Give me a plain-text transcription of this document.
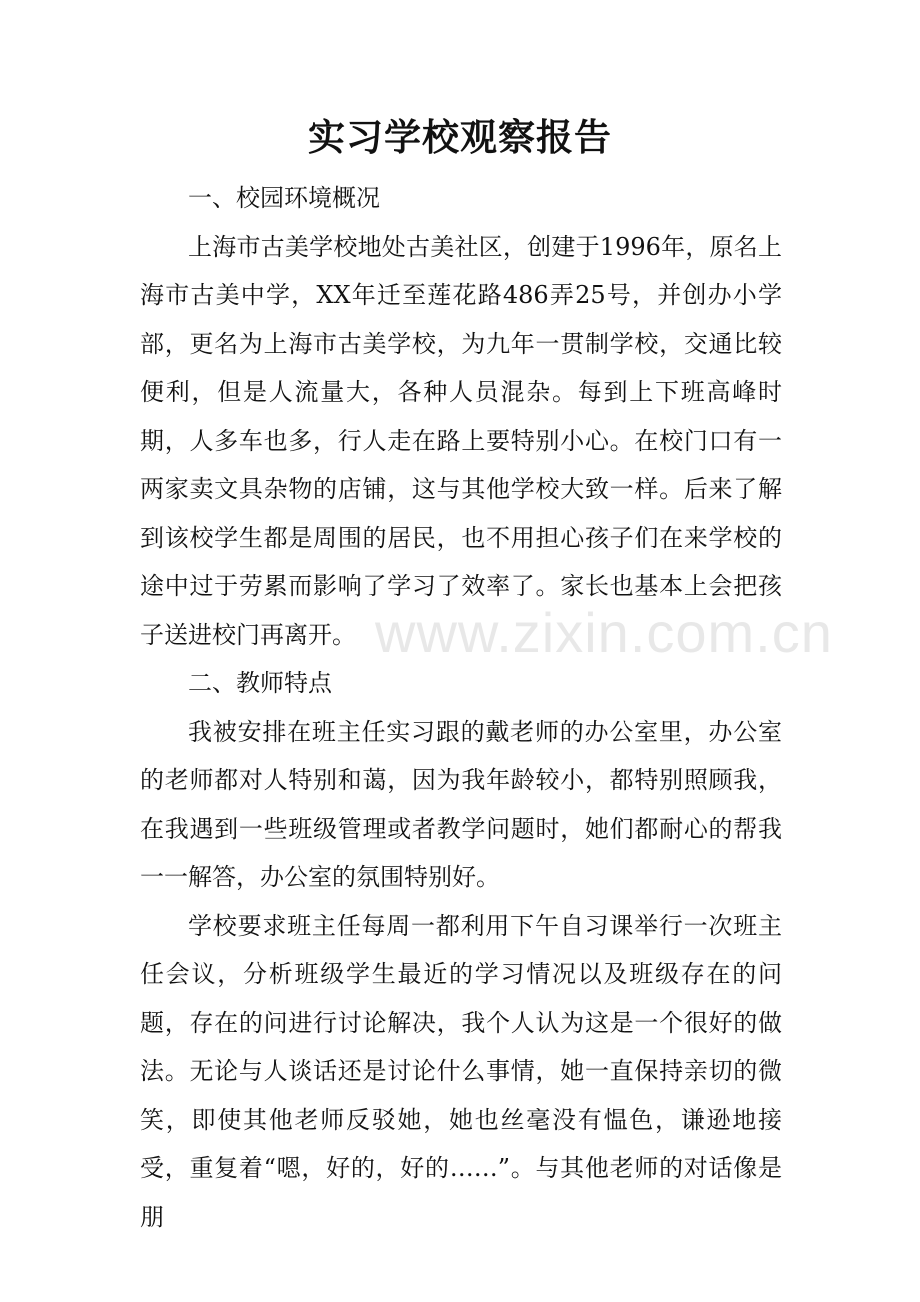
实习学校观察报告

一、校园环境概况

上海市古美学校地处古美社区，创建于1996年，原名上海市古美中学，XX年迁至莲花路486弄25号，并创办小学部，更名为上海市古美学校，为九年一贯制学校，交通比较便利，但是人流量大，各种人员混杂。每到上下班高峰时期，人多车也多，行人走在路上要特别小心。在校门口有一两家卖文具杂物的店铺，这与其他学校大致一样。后来了解到该校学生都是周围的居民，也不用担心孩子们在来学校的途中过于劳累而影响了学习了效率了。家长也基本上会把孩子送进校门再离开。

二、教师特点

我被安排在班主任实习跟的戴老师的办公室里，办公室的老师都对人特别和蔼，因为我年龄较小，都特别照顾我，在我遇到一些班级管理或者教学问题时，她们都耐心的帮我一一解答，办公室的氛围特别好。

学校要求班主任每周一都利用下午自习课举行一次班主任会议，分析班级学生最近的学习情况以及班级存在的问题，存在的问进行讨论解决，我个人认为这是一个很好的做法。无论与人谈话还是讨论什么事情，她一直保持亲切的微笑，即使其他老师反驳她，她也丝毫没有愠色，谦逊地接受，重复着“嗯，好的，好的……”。与其他老师的对话像是朋

www.zixin.com.cn
